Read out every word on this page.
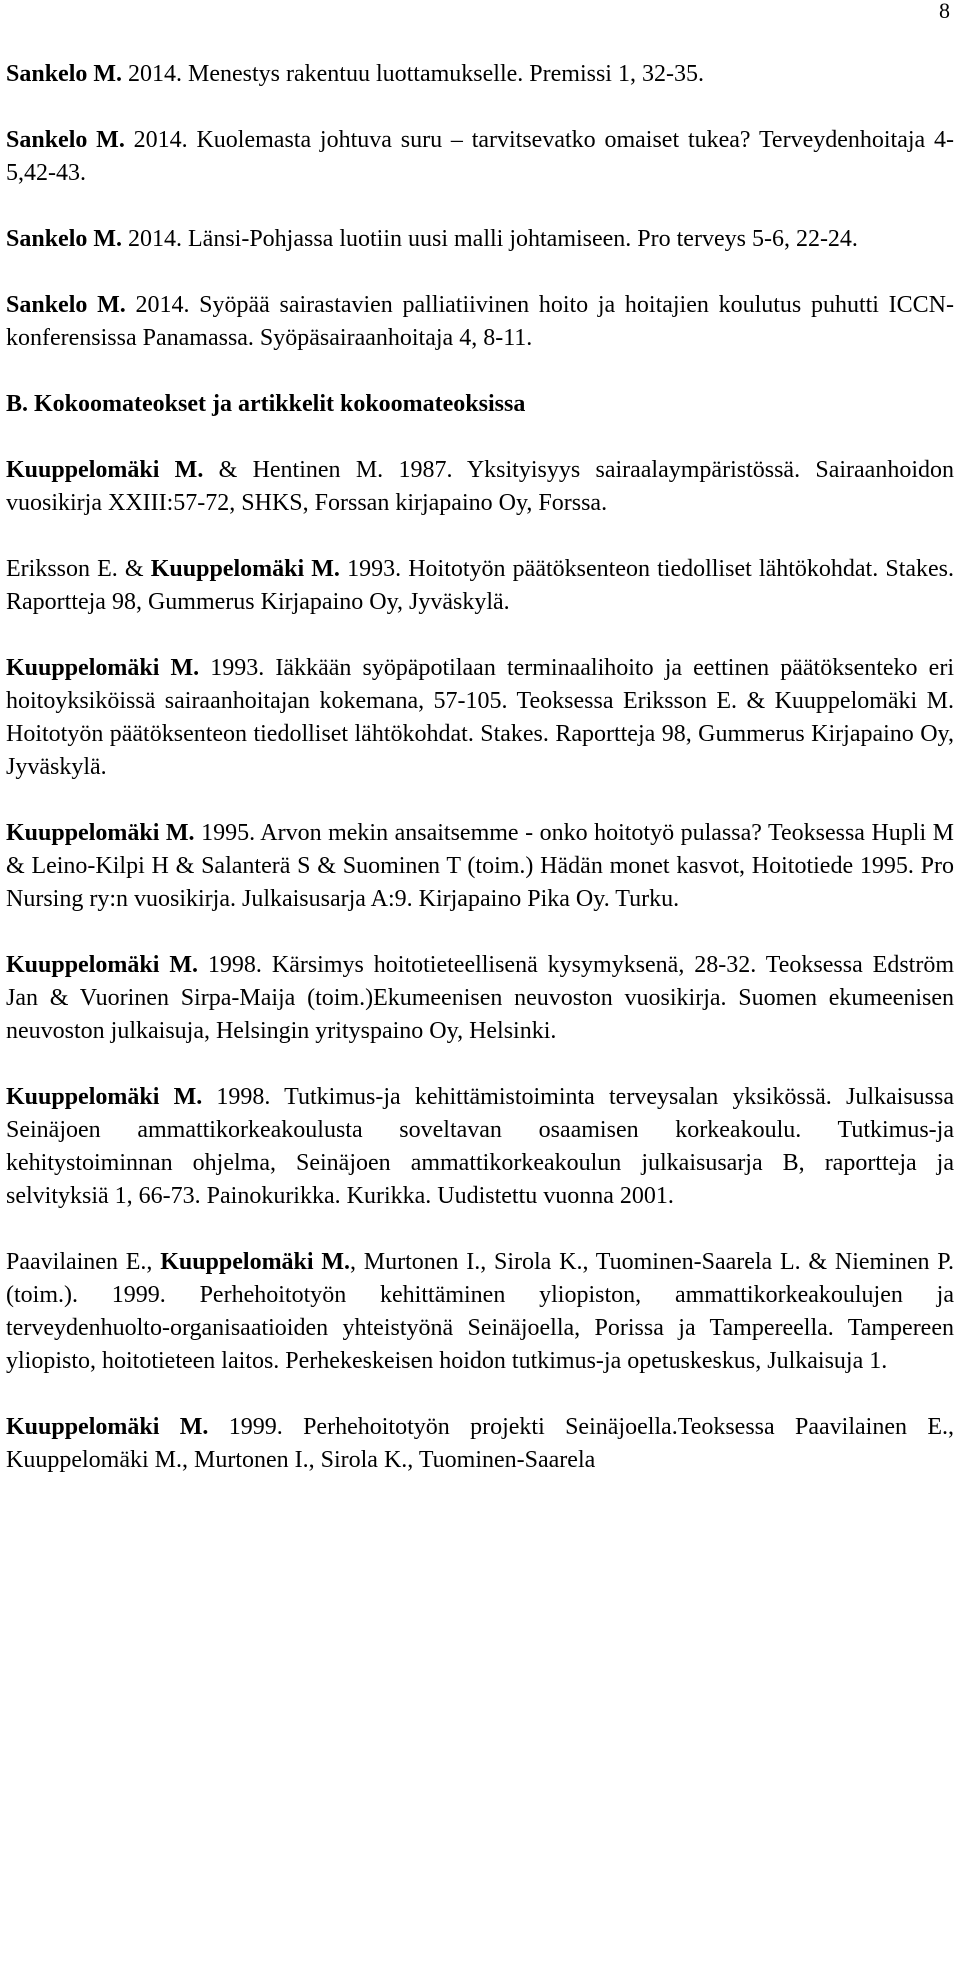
8

Sankelo M. 2014. Menestys rakentuu luottamukselle. Premissi 1, 32-35.

Sankelo M. 2014. Kuolemasta johtuva suru – tarvitsevatko omaiset tukea? Terveydenhoitaja 4-5,42-43.

Sankelo M. 2014. Länsi-Pohjassa luotiin uusi malli johtamiseen. Pro terveys 5-6, 22-24.

Sankelo M. 2014. Syöpää sairastavien palliatiivinen hoito ja hoitajien koulutus puhutti ICCN-konferensissa Panamassa. Syöpäsairaanhoitaja 4, 8-11.

B. Kokoomateokset ja artikkelit kokoomateoksissa

Kuuppelomäki M. & Hentinen M. 1987. Yksityisyys sairaalaympäristössä. Sairaanhoidon vuosikirja XXIII:57-72, SHKS, Forssan kirjapaino Oy, Forssa.

Eriksson E. & Kuuppelomäki M. 1993. Hoitotyön päätöksenteon tiedolliset lähtökohdat. Stakes. Raportteja 98, Gummerus Kirjapaino Oy, Jyväskylä.

Kuuppelomäki M. 1993. Iäkkään syöpäpotilaan terminaalihoito ja eettinen päätöksenteko eri hoitoyksiköissä sairaanhoitajan kokemana, 57-105. Teoksessa Eriksson E. & Kuuppelomäki M. Hoitotyön päätöksenteon tiedolliset lähtökohdat. Stakes. Raportteja 98, Gummerus Kirjapaino Oy, Jyväskylä.

Kuuppelomäki M. 1995. Arvon mekin ansaitsemme - onko hoitotyö pulassa? Teoksessa Hupli M & Leino-Kilpi H & Salanterä S & Suominen T (toim.) Hädän monet kasvot, Hoitotiede 1995. Pro Nursing ry:n vuosikirja. Julkaisusarja A:9. Kirjapaino Pika Oy. Turku.

Kuuppelomäki M. 1998. Kärsimys hoitotieteellisenä kysymyksenä, 28-32. Teoksessa Edström Jan & Vuorinen Sirpa-Maija (toim.)Ekumeenisen neuvoston vuosikirja. Suomen ekumeenisen neuvoston julkaisuja, Helsingin yrityspaino Oy, Helsinki.

Kuuppelomäki M. 1998. Tutkimus-ja kehittämistoiminta terveysalan yksikössä. Julkaisussa Seinäjoen ammattikorkeakoulusta soveltavan osaamisen korkeakoulu. Tutkimus-ja kehitystoiminnan ohjelma, Seinäjoen ammattikorkeakoulun julkaisusarja B, raportteja ja selvityksiä 1, 66-73. Painokurikka. Kurikka. Uudistettu vuonna 2001.

Paavilainen E., Kuuppelomäki M., Murtonen I., Sirola K., Tuominen-Saarela L. & Nieminen P. (toim.). 1999. Perhehoitotyön kehittäminen yliopiston, ammattikorkeakoulujen ja terveydenhuolto-organisaatioiden yhteistyönä Seinäjoella, Porissa ja Tampereella. Tampereen yliopisto, hoitotieteen laitos. Perhekeskeisen hoidon tutkimus-ja opetuskeskus, Julkaisuja 1.

Kuuppelomäki M. 1999. Perhehoitotyön projekti Seinäjoella.Teoksessa Paavilainen E., Kuuppelomäki M., Murtonen I., Sirola K., Tuominen-Saarela
